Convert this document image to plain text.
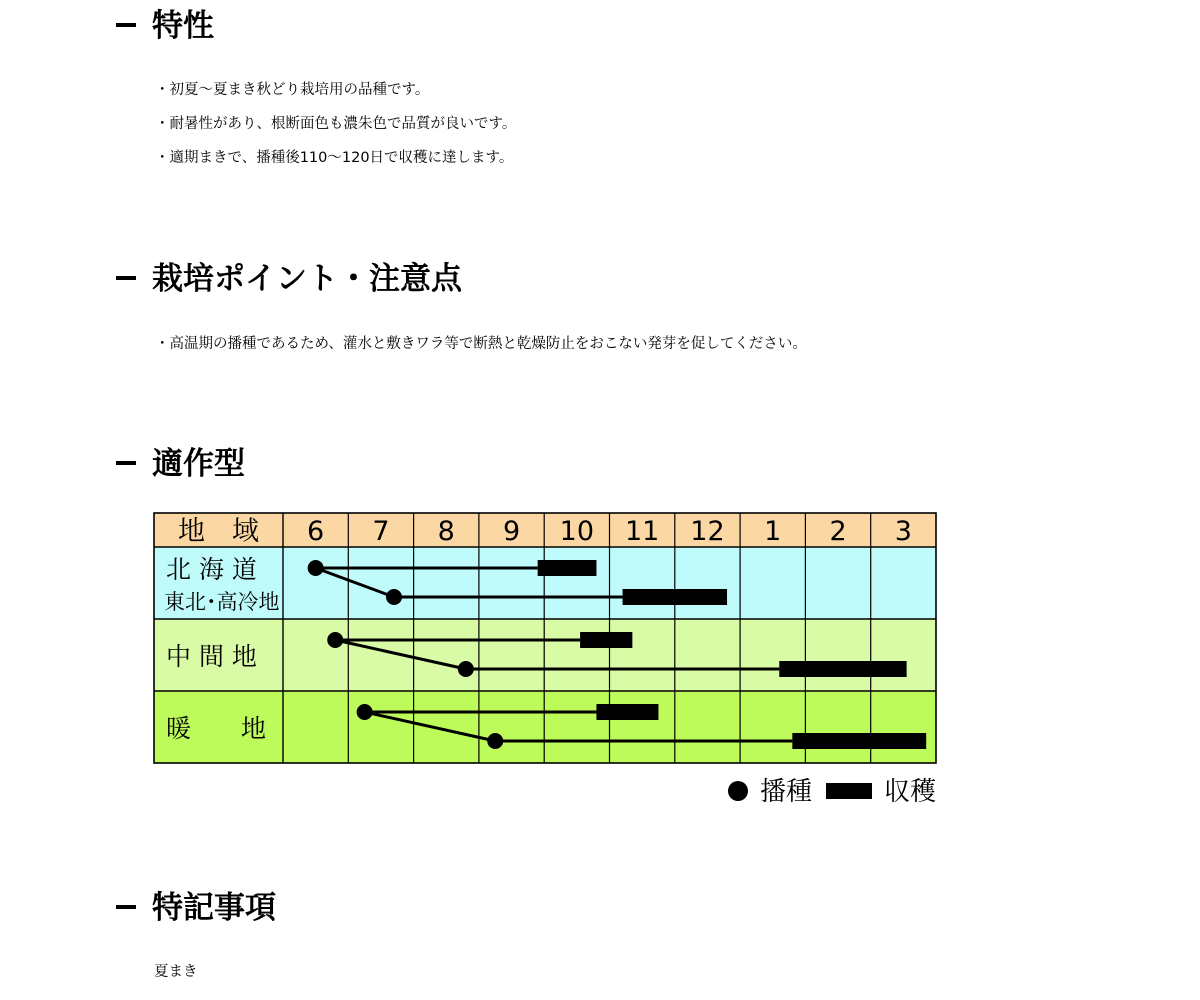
特性

・初夏～夏まき秋どり栽培用の品種です。

・耐暑性があり、根断面色も濃朱色で品質が良いです。

・適期まきで、播種後110～120日で収穫に達します。

栽培ポイント・注意点

・高温期の播種であるため、灌水と敷きワラ等で断熱と乾燥防止をおこない発芽を促してください。

適作型
地　域 6 7 8 9 10 11 12 1 2 3
北 海 道
東北･高冷地
中 間 地
暖　　地
収穫
播種
特記事項

夏まき
